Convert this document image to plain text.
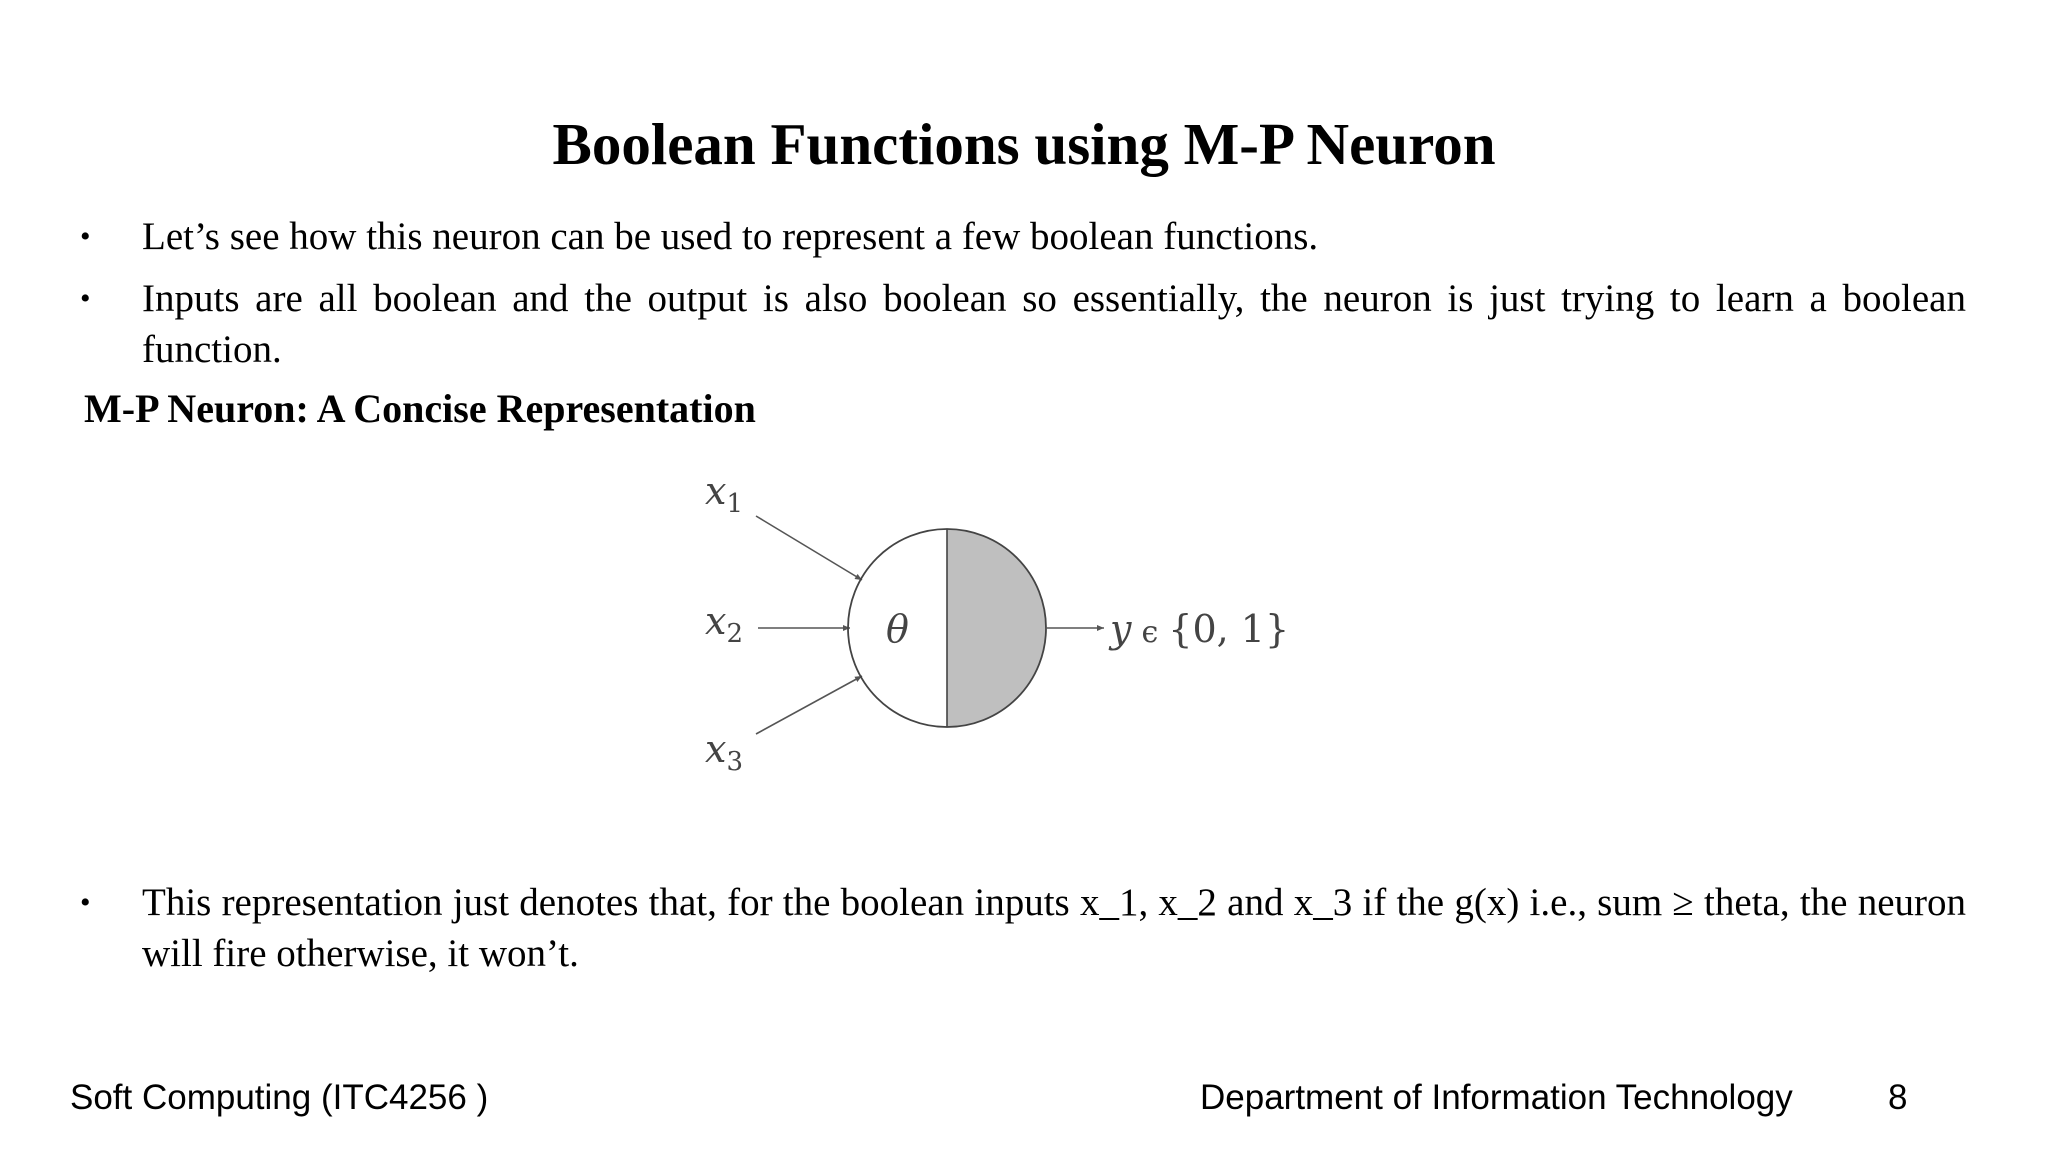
Boolean Functions using M-P Neuron
•	Let’s see how this neuron can be used to represent a few boolean functions.
•	Inputs are all boolean and the output is also boolean so essentially, the neuron is just trying to learn a boolean function.
M-P Neuron: A Concise Representation
$x_1$
$x_2$
$x_3$
θ	y ϵ {0, 1}
•	This representation just denotes that, for the boolean inputs x_1, x_2 and x_3 if the g(x) i.e., sum ≥ theta, the neuron will fire otherwise, it won’t.
Soft Computing (ITC4256 )	Department of Information Technology	8
